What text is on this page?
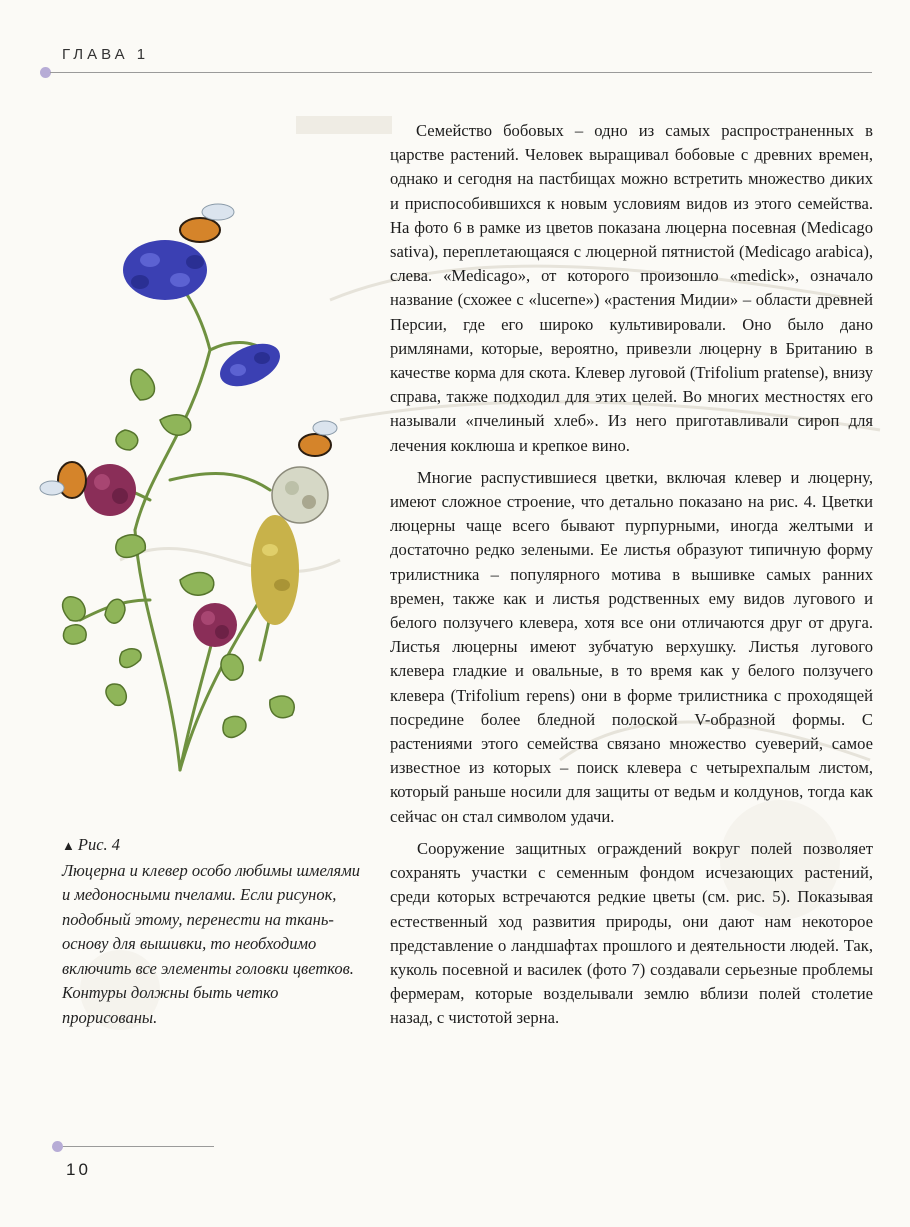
ГЛАВА 1
▲ Рис. 4

Люцерна и клевер особо любимы шмелями и медоносными пчелами. Если рисунок, подобный этому, перенести на ткань-основу для вышивки, то необходимо включить все элементы головки цветков. Контуры должны быть четко прорисованы.

Семейство бобовых – одно из самых распространенных в царстве растений. Человек выращивал бобовые с древних времен, однако и сегодня на пастбищах можно встретить множество диких и приспособившихся к новым условиям видов из этого семейства. На фото 6 в рамке из цветов показана люцерна посевная (Medicago sativa), переплетающаяся с люцерной пятнистой (Medicago arabica), слева. «Medicago», от которого произошло «medick», означало название (схожее с «lucerne») «растения Мидии» – области древней Персии, где его широко культивировали. Оно было дано римлянами, которые, вероятно, привезли люцерну в Британию в качестве корма для скота. Клевер луговой (Trifolium pratense), внизу справа, также подходил для этих целей. Во многих местностях его называли «пчелиный хлеб». Из него приготавливали сироп для лечения коклюша и крепкое вино.

Многие распустившиеся цветки, включая клевер и люцерну, имеют сложное строение, что детально показано на рис. 4. Цветки люцерны чаще всего бывают пурпурными, иногда желтыми и достаточно редко зелеными. Ее листья образуют типичную форму трилистника – популярного мотива в вышивке самых ранних времен, также как и листья родственных ему видов лугового и белого ползучего клевера, хотя все они отличаются друг от друга. Листья люцерны имеют зубчатую верхушку. Листья лугового клевера гладкие и овальные, в то время как у белого ползучего клевера (Trifolium repens) они в форме трилистника с проходящей посредине более бледной полоской V-образной формы. С растениями этого семейства связано множество суеверий, самое известное из которых – поиск клевера с четырехпалым листом, который раньше носили для защиты от ведьм и колдунов, тогда как сейчас он стал символом удачи.

Сооружение защитных ограждений вокруг полей позволяет сохранять участки с семенным фондом исчезающих растений, среди которых встречаются редкие цветы (см. рис. 5). Показывая естественный ход развития природы, они дают нам некоторое представление о ландшафтах прошлого и деятельности людей. Так, куколь посевной и василек (фото 7) создавали серьезные проблемы фермерам, которые возделывали землю вблизи полей столетие назад, с чистотой зерна.

10
